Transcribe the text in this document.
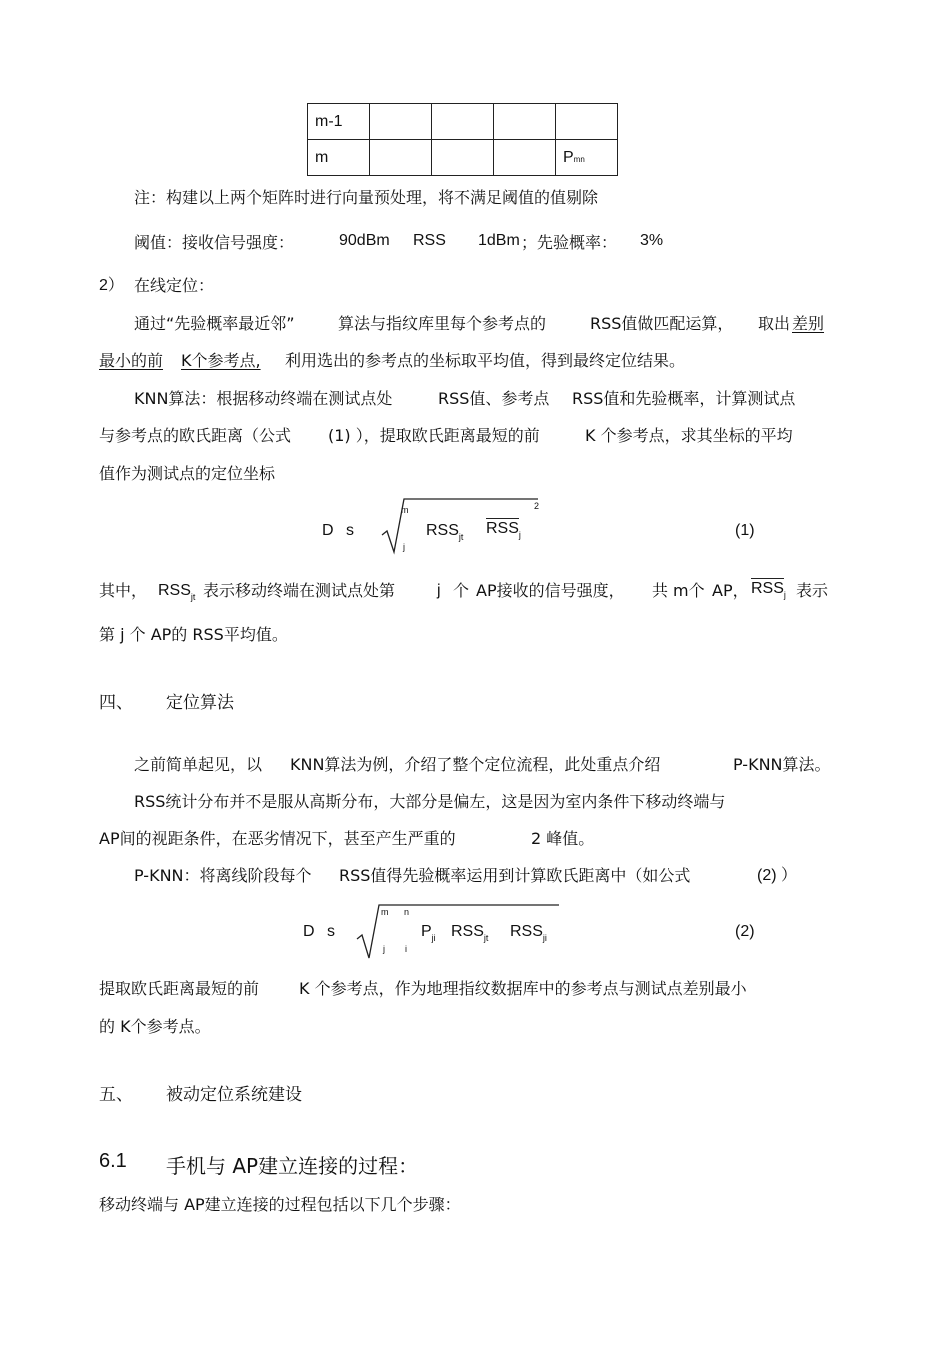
m-1				
m				Pmn
注：构建以上两个矩阵时进行向量预处理，将不满足阈值的值剔除
阈值：接收信号强度：	90dBm RSS 1dBm ；先验概率： 3%
2） 在线定位：
通过“先验概率最近邻”	算法与指纹库里每个参考点的	RSS值做匹配运算， 取出 差别
最小的前 K个参考点, 利用选出的参考点的坐标取平均值，得到最终定位结果。
KNN算法：根据移动终端在测试点处	RSS值、参考点 RSS值和先验概率，计算测试点
与参考点的欧氏距离（公式 (1) ），提取欧氏距离最短的前	K 个参考点，求其坐标的平均
值作为测试点的定位坐标
D s
m
j
2
$RSS_{jt}$ $RSS_j$	(1)
其中， $RSS_{jt}$ 表示移动终端在测试点处第	j 个 AP接收的信号强度， 共 m个 AP， $RSS_j$ 表示
第 j 个 AP的 RSS平均值。
四、 定位算法
之前简单起见，以 KNN算法为例，介绍了整个定位流程，此处重点介绍	P-KNN算法。
RSS统计分布并不是服从高斯分布，大部分是偏左，这是因为室内条件下移动终端与
AP间的视距条件，在恶劣情况下，甚至产生严重的	2 峰值。
P-KNN：将离线阶段每个 RSS值得先验概率运用到计算欧氏距离中（如公式	(2) ）
D s
m n
j i
$P_{ji}$ $RSS_{jt}$ $RSS_{ji}$	(2)
提取欧氏距离最短的前 K 个参考点，作为地理指纹数据库中的参考点与测试点差别最小
的 K个参考点。
五、 被动定位系统建设
6.1 手机与 AP建立连接的过程：
移动终端与 AP建立连接的过程包括以下几个步骤：
